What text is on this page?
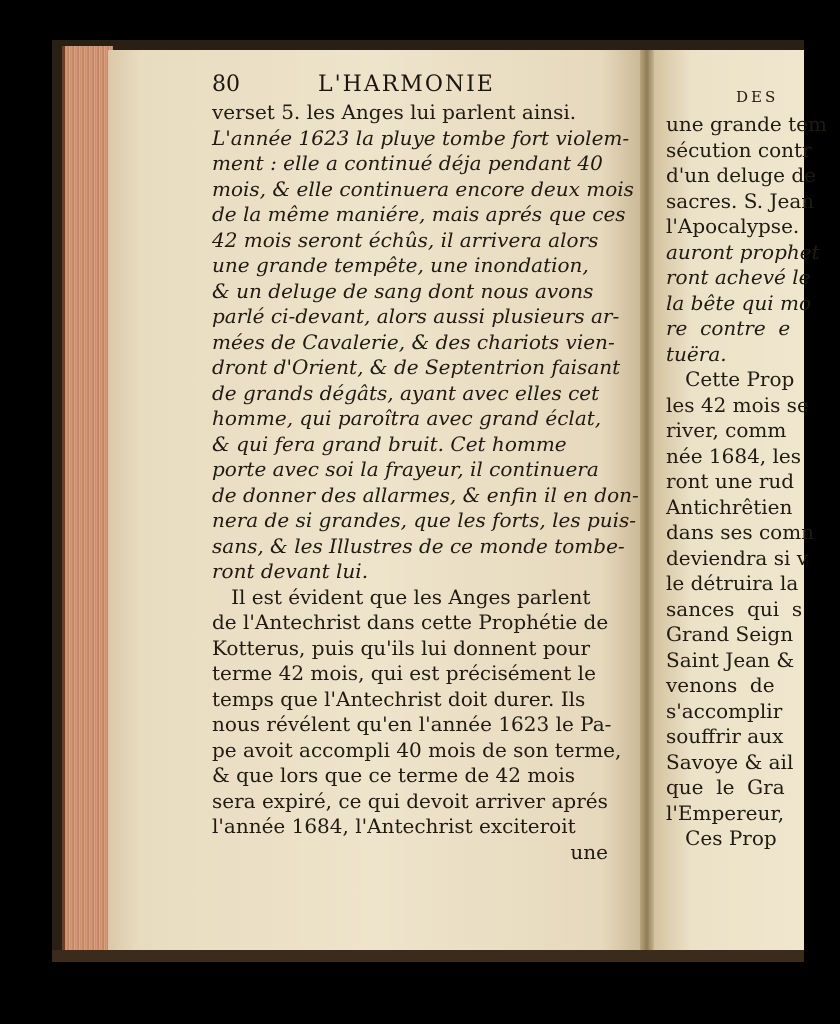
80	L'HARMONIE
verset 5. les Anges lui parlent ainsi.
L'année 1623 la pluye tombe fort violem-
ment : elle a continué déja pendant 40
mois, & elle continuera encore deux mois
de la même maniére, mais aprés que ces
42 mois seront échûs, il arrivera alors
une grande tempête, une inondation,
& un deluge de sang dont nous avons
parlé ci-devant, alors aussi plusieurs ar-
mées de Cavalerie, & des chariots vien-
dront d'Orient, & de Septentrion faisant
de grands dégâts, ayant avec elles cet
homme, qui paroîtra avec grand éclat,
& qui fera grand bruit. Cet homme
porte avec soi la frayeur, il continuera
de donner des allarmes, & enfin il en don-
nera de si grandes, que les forts, les puis-
sans, & les Illustres de ce monde tombe-
ront devant lui.
Il est évident que les Anges parlent
de l'Antechrist dans cette Prophétie de
Kotterus, puis qu'ils lui donnent pour
terme 42 mois, qui est précisément le
temps que l'Antechrist doit durer. Ils
nous révélent qu'en l'année 1623 le Pa-
pe avoit accompli 40 mois de son terme,
& que lors que ce terme de 42 mois
sera expiré, ce qui devoit arriver aprés
l'année 1684, l'Antechrist exciteroit
une
DES
une grande tem
sécution contr
d'un deluge de
sacres. S. Jean
l'Apocalypse.
auront prophet
ront achevé le
la bête qui mo
re  contre  e
tuëra.
Cette Prop
les 42 mois se
river, comm
née 1684, les
ront une rud
Antichrêtien
dans ses comn
deviendra si v
le détruira la
sances  qui  s
Grand Seign
Saint Jean &
venons  de
s'accomplir
souffrir aux
Savoye & ail
que  le  Gra
l'Empereur,
Ces Prop
